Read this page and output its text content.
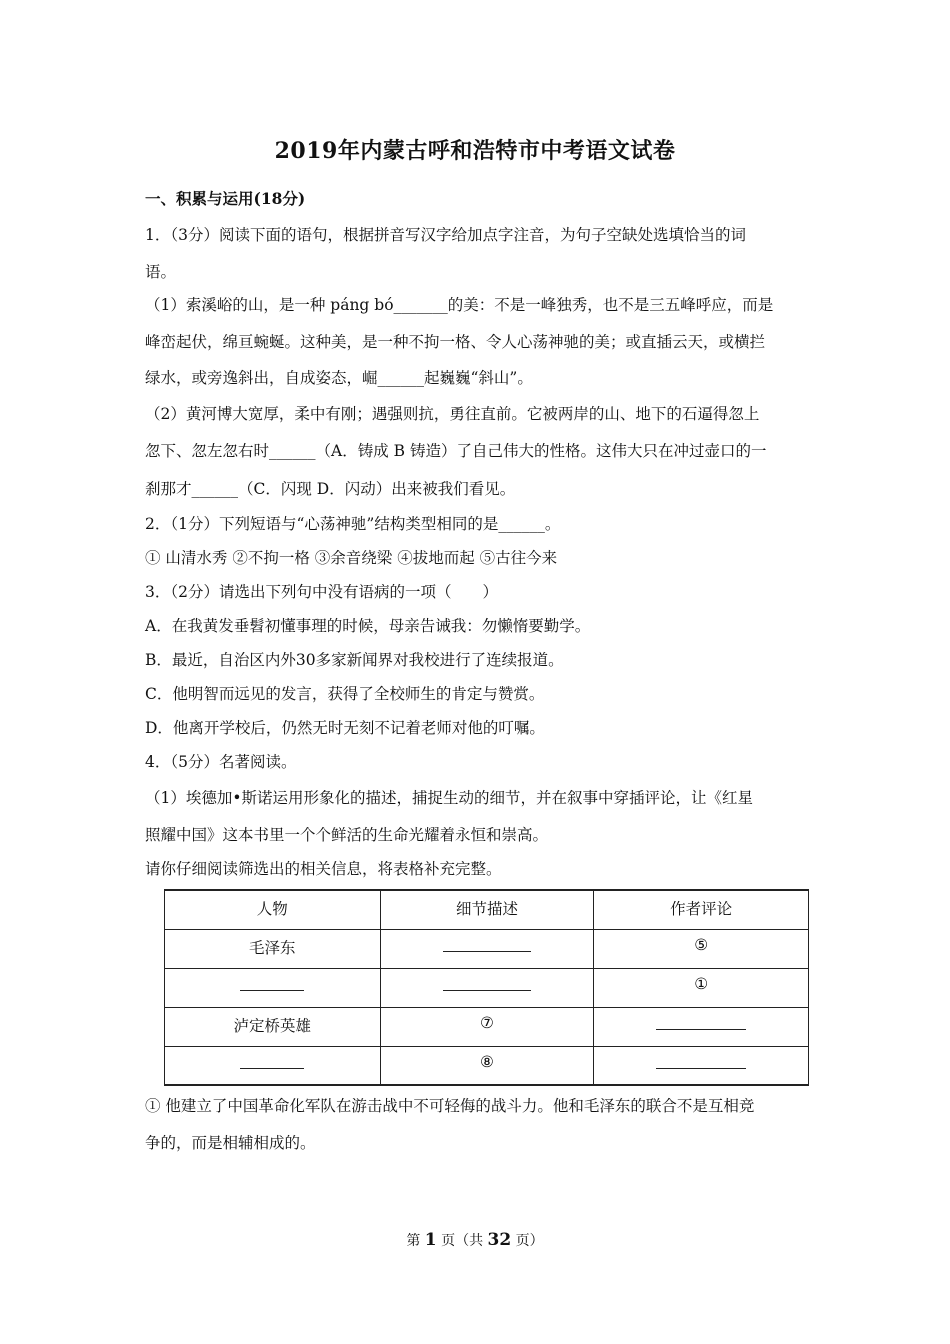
2019年内蒙古呼和浩特市中考语文试卷
一、积累与运用(18分)
1．（3分）阅读下面的语句，根据拼音写汉字给加点字注音，为句子空缺处选填恰当的词
语。
（1）索溪峪的山，是一种 páng bó_______的美：不是一峰独秀，也不是三五峰呼应，而是
峰峦起伏，绵亘蜿蜒。这种美，是一种不拘一格、令人心荡神驰的美；或直插云天，或横拦
绿水，或旁逸斜出，自成姿态，崛______起巍巍“斜山”。
（2）黄河博大宽厚，柔中有刚；遇强则抗，勇往直前。它被两岸的山、地下的石逼得忽上
忽下、忽左忽右时______（A．铸成 B 铸造）了自己伟大的性格。这伟大只在冲过壶口的一
刹那才______（C．闪现 D．闪动）出来被我们看见。
2．（1分）下列短语与“心荡神驰”结构类型相同的是______。
① 山清水秀 ②不拘一格 ③余音绕梁 ④拔地而起 ⑤古往今来
3．（2分）请选出下列句中没有语病的一项（　　）
A．在我黄发垂髫初懂事理的时候，母亲告诫我：勿懒惰要勤学。
B．最近，自治区内外30多家新闻界对我校进行了连续报道。
C．他明智而远见的发言，获得了全校师生的肯定与赞赏。
D．他离开学校后，仍然无时无刻不记着老师对他的叮嘱。
4．（5分）名著阅读。
（1）埃德加•斯诺运用形象化的描述，捕捉生动的细节，并在叙事中穿插评论，让《红星
照耀中国》这本书里一个个鲜活的生命光耀着永恒和崇高。
请你仔细阅读筛选出的相关信息，将表格补充完整。
人物	细节描述	作者评论
毛泽东		⑤
		①
泸定桥英雄	⑦	
	⑧	
① 他建立了中国革命化军队在游击战中不可轻侮的战斗力。他和毛泽东的联合不是互相竞
争的，而是相辅相成的。
第 1 页（共 32 页）
